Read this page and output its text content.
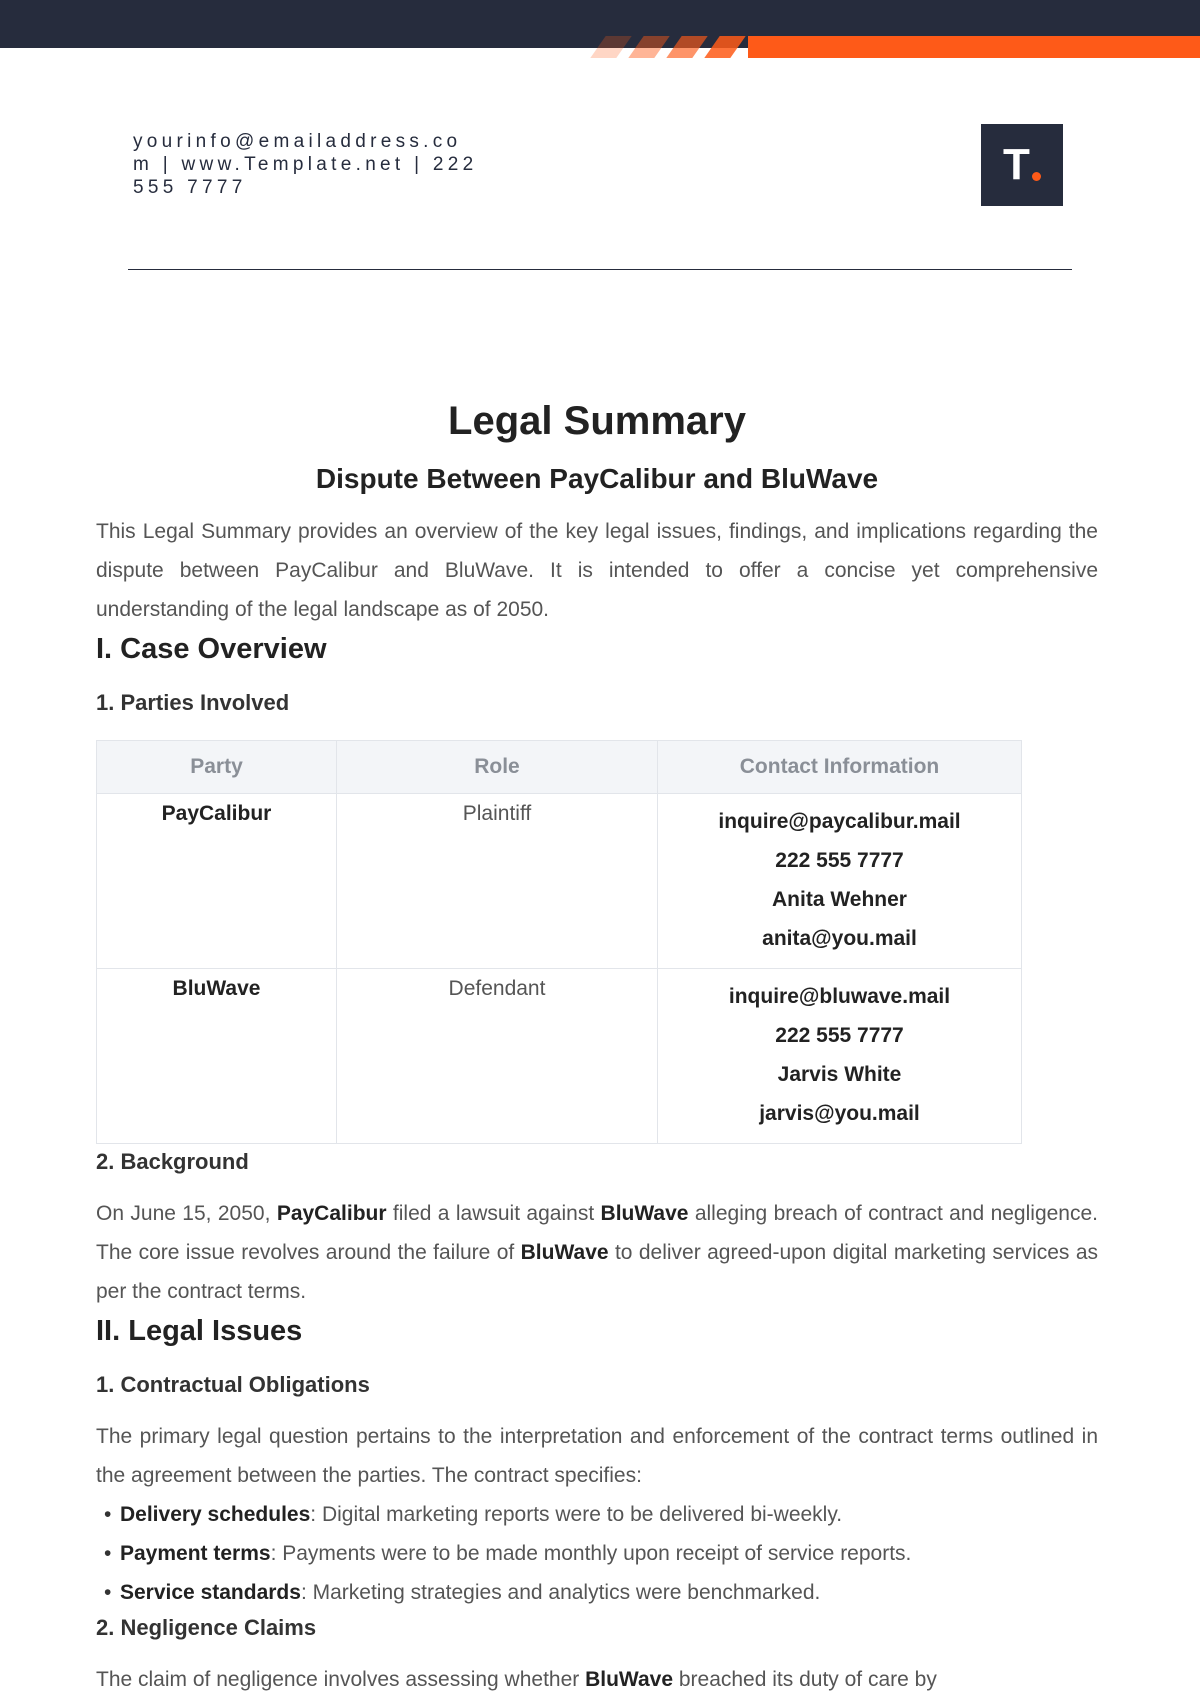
yourinfo@emailaddress.com | www.Template.net | 222 555 7777	T
Legal Summary
Dispute Between PayCalibur and BluWave

This Legal Summary provides an overview of the key legal issues, findings, and implications regarding the dispute between PayCalibur and BluWave. It is intended to offer a concise yet comprehensive understanding of the legal landscape as of 2050.

I. Case Overview
1. Parties Involved
Party	Role	Contact Information
PayCalibur	Plaintiff	inquire@paycalibur.mail
222 555 7777
Anita Wehner
anita@you.mail

BluWave	Defendant	inquire@bluwave.mail
222 555 7777
Jarvis White
jarvis@you.mail
2. Background

On June 15, 2050, PayCalibur filed a lawsuit against BluWave alleging breach of contract and negligence. The core issue revolves around the failure of BluWave to deliver agreed-upon digital marketing services as per the contract terms.

II. Legal Issues
1. Contractual Obligations

The primary legal question pertains to the interpretation and enforcement of the contract terms outlined in the agreement between the parties. The contract specifies:

• Delivery schedules: Digital marketing reports were to be delivered bi-weekly.
• Payment terms: Payments were to be made monthly upon receipt of service reports.
• Service standards: Marketing strategies and analytics were benchmarked.
2. Negligence Claims

The claim of negligence involves assessing whether BluWave breached its duty of care by
